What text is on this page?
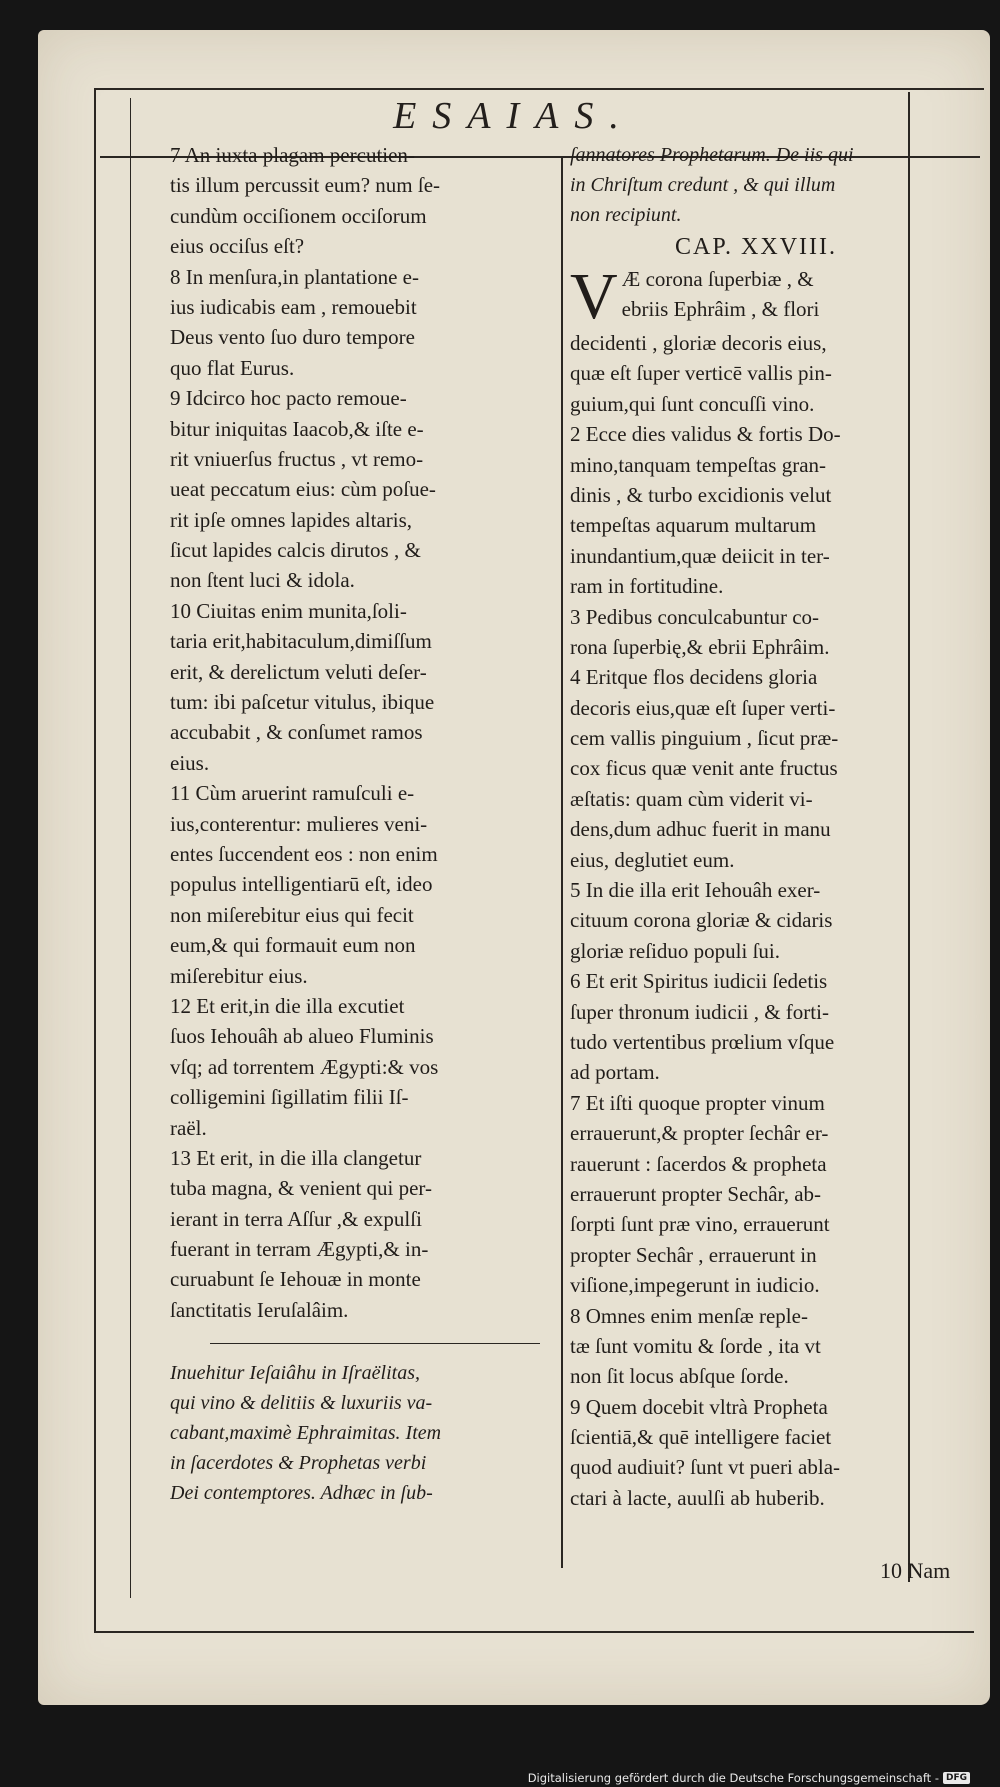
ESAIAS.
7 An iuxta plagam percutien-
tis illum percussit eum? num ſe-
cundùm occiſionem occiſorum
eius occiſus eſt?
8 In menſura,in plantatione e-
ius iudicabis eam , remouebit
Deus vento ſuo duro tempore
quo flat Eurus.
9 Idcirco hoc pacto remoue-
bitur iniquitas Iaacob,& iſte e-
rit vniuerſus fructus , vt remo-
ueat peccatum eius: cùm poſue-
rit ipſe omnes lapides altaris,
ſicut lapides calcis dirutos , &
non ſtent luci & idola.
10 Ciuitas enim munita,ſoli-
taria erit,habitaculum,dimiſſum
erit, & derelictum veluti deſer-
tum: ibi paſcetur vitulus, ibique
accubabit , & conſumet ramos
eius.
11 Cùm aruerint ramuſculi e-
ius,conterentur: mulieres veni-
entes ſuccendent eos : non enim
populus intelligentiarū eſt, ideo
non miſerebitur eius qui fecit
eum,& qui formauit eum non
miſerebitur eius.
12 Et erit,in die illa excutiet
ſuos Iehouâh ab alueo Fluminis
vſq; ad torrentem Ægypti:& vos
colligemini ſigillatim filii Iſ-
raël.
13 Et erit, in die illa clangetur
tuba magna, & venient qui per-
ierant in terra Aſſur ,& expulſi
fuerant in terram Ægypti,& in-
curuabunt ſe Iehouæ in monte
ſanctitatis Ieruſalâim.
Inuehitur Ieſaiâhu in Iſraëlitas,
qui vino & delitiis & luxuriis va-
cabant,maximè Ephraimitas. Item
in ſacerdotes & Prophetas verbi
Dei contemptores. Adhæc in ſub-
ſannatores Prophetarum. De iis qui
in Chriſtum credunt , & qui illum
non recipiunt.
CAP. XXVIII.
V Æ corona ſuperbiæ , &
ebriis Ephrâim , & flori
decidenti , gloriæ decoris eius,
quæ eſt ſuper verticē vallis pin-
guium,qui ſunt concuſſi vino.
2 Ecce dies validus & fortis Do-
mino,tanquam tempeſtas gran-
dinis , & turbo excidionis velut
tempeſtas aquarum multarum
inundantium,quæ deiicit in ter-
ram in fortitudine.
3 Pedibus conculcabuntur co-
rona ſuperbię,& ebrii Ephrâim.
4 Eritque flos decidens gloria
decoris eius,quæ eſt ſuper verti-
cem vallis pinguium , ſicut præ-
cox ficus quæ venit ante fructus
æſtatis: quam cùm viderit vi-
dens,dum adhuc fuerit in manu
eius, deglutiet eum.
5 In die illa erit Iehouâh exer-
cituum corona gloriæ & cidaris
gloriæ reſiduo populi ſui.
6 Et erit Spiritus iudicii ſedetis
ſuper thronum iudicii , & forti-
tudo vertentibus prœlium vſque
ad portam.
7 Et iſti quoque propter vinum
errauerunt,& propter ſechâr er-
rauerunt : ſacerdos & propheta
errauerunt propter Sechâr, ab-
ſorpti ſunt præ vino, errauerunt
propter Sechâr , errauerunt in
viſione,impegerunt in iudicio.
8 Omnes enim menſæ reple-
tæ ſunt vomitu & ſorde , ita vt
non ſit locus abſque ſorde.
9 Quem docebit vltrà Propheta
ſcientiā,& quē intelligere faciet
quod audiuit? ſunt vt pueri abla-
ctari à lacte, auulſi ab huberib.
10 Nam
Digitalisierung gefördert durch die Deutsche Forschungsgemeinschaft - DFG
